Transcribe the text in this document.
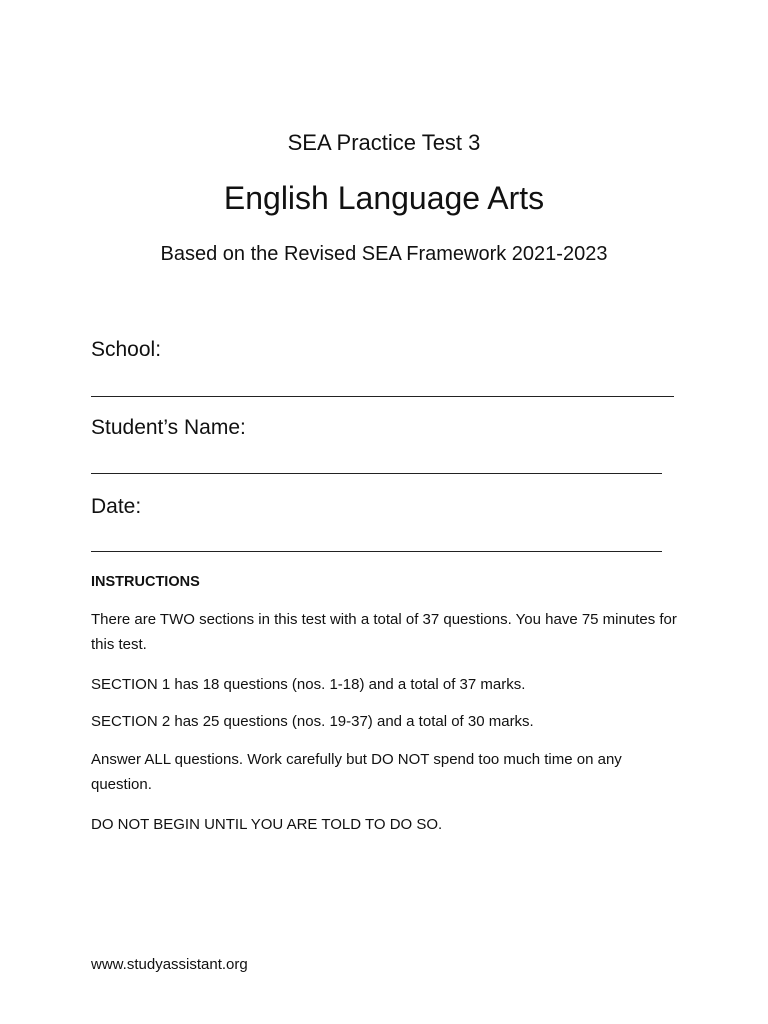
SEA Practice Test 3
English Language Arts
Based on the Revised SEA Framework 2021-2023
School:
Student’s Name:
Date:
INSTRUCTIONS
There are TWO sections in this test with a total of 37 questions. You have 75 minutes for this test.
SECTION 1 has 18 questions (nos. 1-18) and a total of 37 marks.
SECTION 2 has 25 questions (nos. 19-37) and a total of 30 marks.
Answer ALL questions. Work carefully but DO NOT spend too much time on any question.
DO NOT BEGIN UNTIL YOU ARE TOLD TO DO SO.
www.studyassistant.org
